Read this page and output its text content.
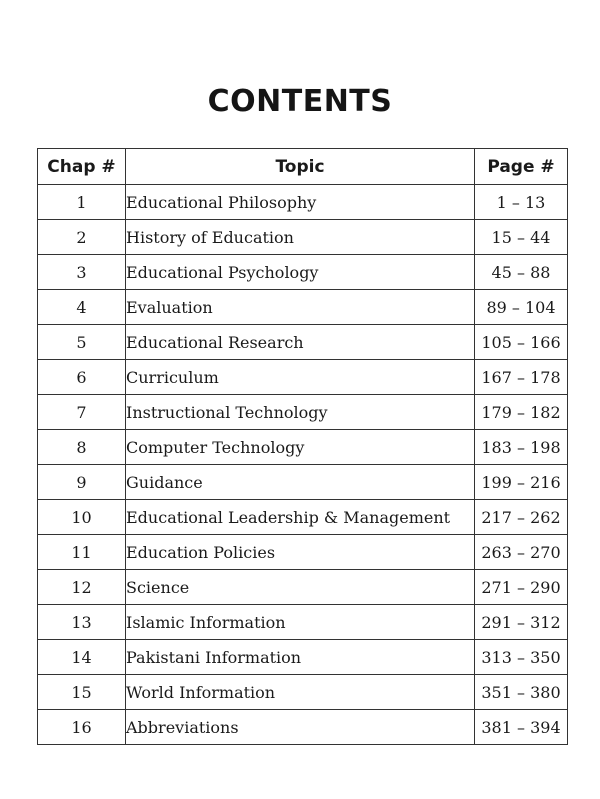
CONTENTS
Chap #	Topic	Page #
1	Educational Philosophy	1 – 13
2	History of Education	15 – 44
3	Educational Psychology	45 – 88
4	Evaluation	89 – 104
5	Educational Research	105 – 166
6	Curriculum	167 – 178
7	Instructional Technology	179 – 182
8	Computer Technology	183 – 198
9	Guidance	199 – 216
10	Educational Leadership & Management	217 – 262
11	Education Policies	263 – 270
12	Science	271 – 290
13	Islamic Information	291 – 312
14	Pakistani Information	313 – 350
15	World Information	351 – 380
16	Abbreviations	381 – 394
